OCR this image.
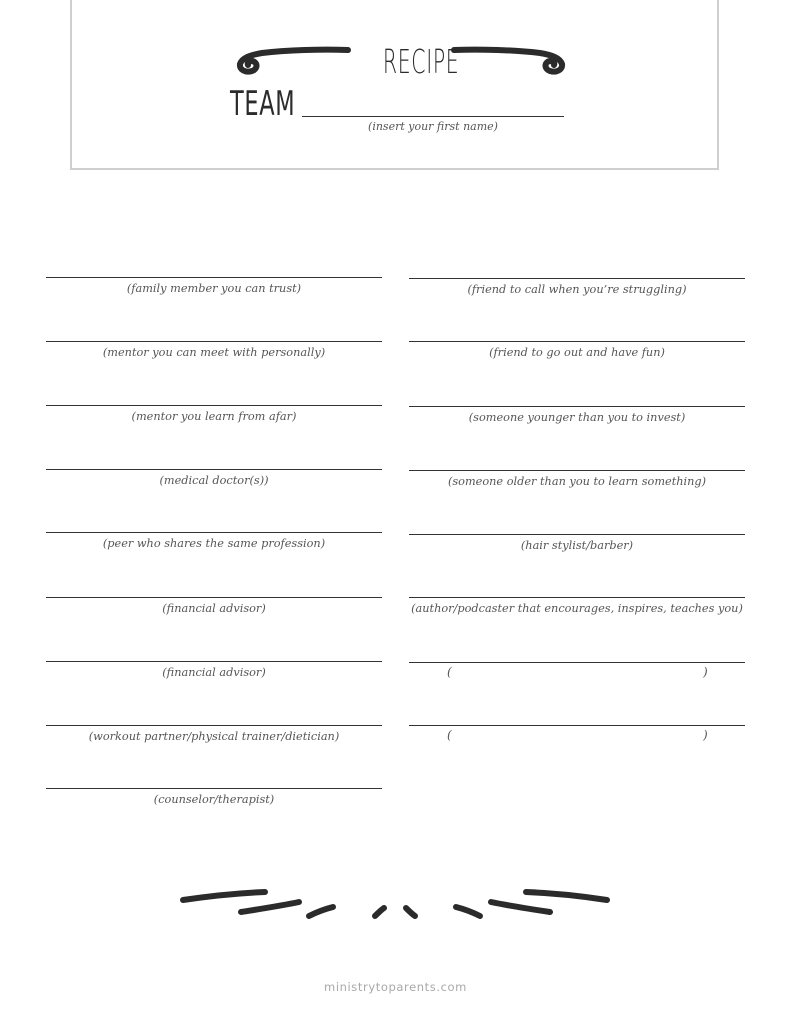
RECIPE
TEAM
(insert your first name)
(family member you can trust)
(mentor you can meet with personally)
(mentor you learn from afar)
(medical doctor(s))
(peer who shares the same profession)
(financial advisor)
(financial advisor)
(workout partner/physical trainer/dietician)
(counselor/therapist)
(friend to call when you’re struggling)
(friend to go out and have fun)
(someone younger than you to invest)
(someone older than you to learn something)
(hair stylist/barber)
(author/podcaster that encourages, inspires, teaches you)
(	)
(	)
ministrytoparents.com
